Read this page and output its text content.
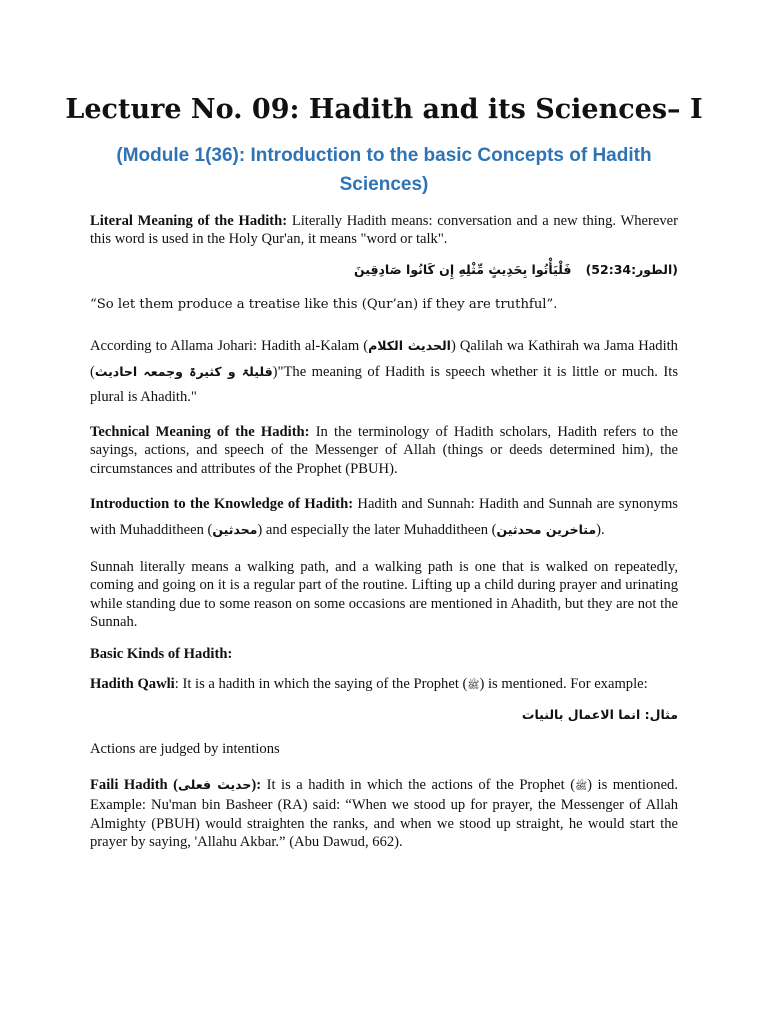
Lecture No. 09: Hadith and its Sciences– I
(Module 1(36): Introduction to the basic Concepts of Hadith
Sciences)

Literal Meaning of the Hadith: Literally Hadith means: conversation and a new thing. Wherever this word is used in the Holy Qur'an, it means "word or talk".

فَلْيَأْتُوا بِحَدِيثٍ مِّثْلِهِ إِن كَانُوا صَادِقِينَ (الطور:52:34)

“So let them produce a treatise like this (Qur’an) if they are truthful”.

According to Allama Johari: Hadith al-Kalam (الحدیث الکلام) Qalilah wa Kathirah wa Jama Hadith (قلیلۃ و کثیرۃ وجمعہ احادیث)"The meaning of Hadith is speech whether it is little or much. Its plural is Ahadith."

Technical Meaning of the Hadith: In the terminology of Hadith scholars, Hadith refers to the sayings, actions, and speech of the Messenger of Allah (things or deeds determined him), the circumstances and attributes of the Prophet (PBUH).

Introduction to the Knowledge of Hadith: Hadith and Sunnah: Hadith and Sunnah are synonyms with Muhadditheen (محدثین) and especially the later Muhadditheen (متاخرین محدثین).

Sunnah literally means a walking path, and a walking path is one that is walked on repeatedly, coming and going on it is a regular part of the routine. Lifting up a child during prayer and urinating while standing due to some reason on some occasions are mentioned in Ahadith, but they are not the Sunnah.

Basic Kinds of Hadith:

Hadith Qawli: It is a hadith in which the saying of the Prophet (ﷺ) is mentioned. For example:

مثال: انما الاعمال بالنیات

Actions are judged by intentions

Faili Hadith (حدیث فعلی): It is a hadith in which the actions of the Prophet (ﷺ) is mentioned. Example: Nu'man bin Basheer (RA) said: “When we stood up for prayer, the Messenger of Allah Almighty (PBUH) would straighten the ranks, and when we stood up straight, he would start the prayer by saying, 'Allahu Akbar.” (Abu Dawud, 662).
